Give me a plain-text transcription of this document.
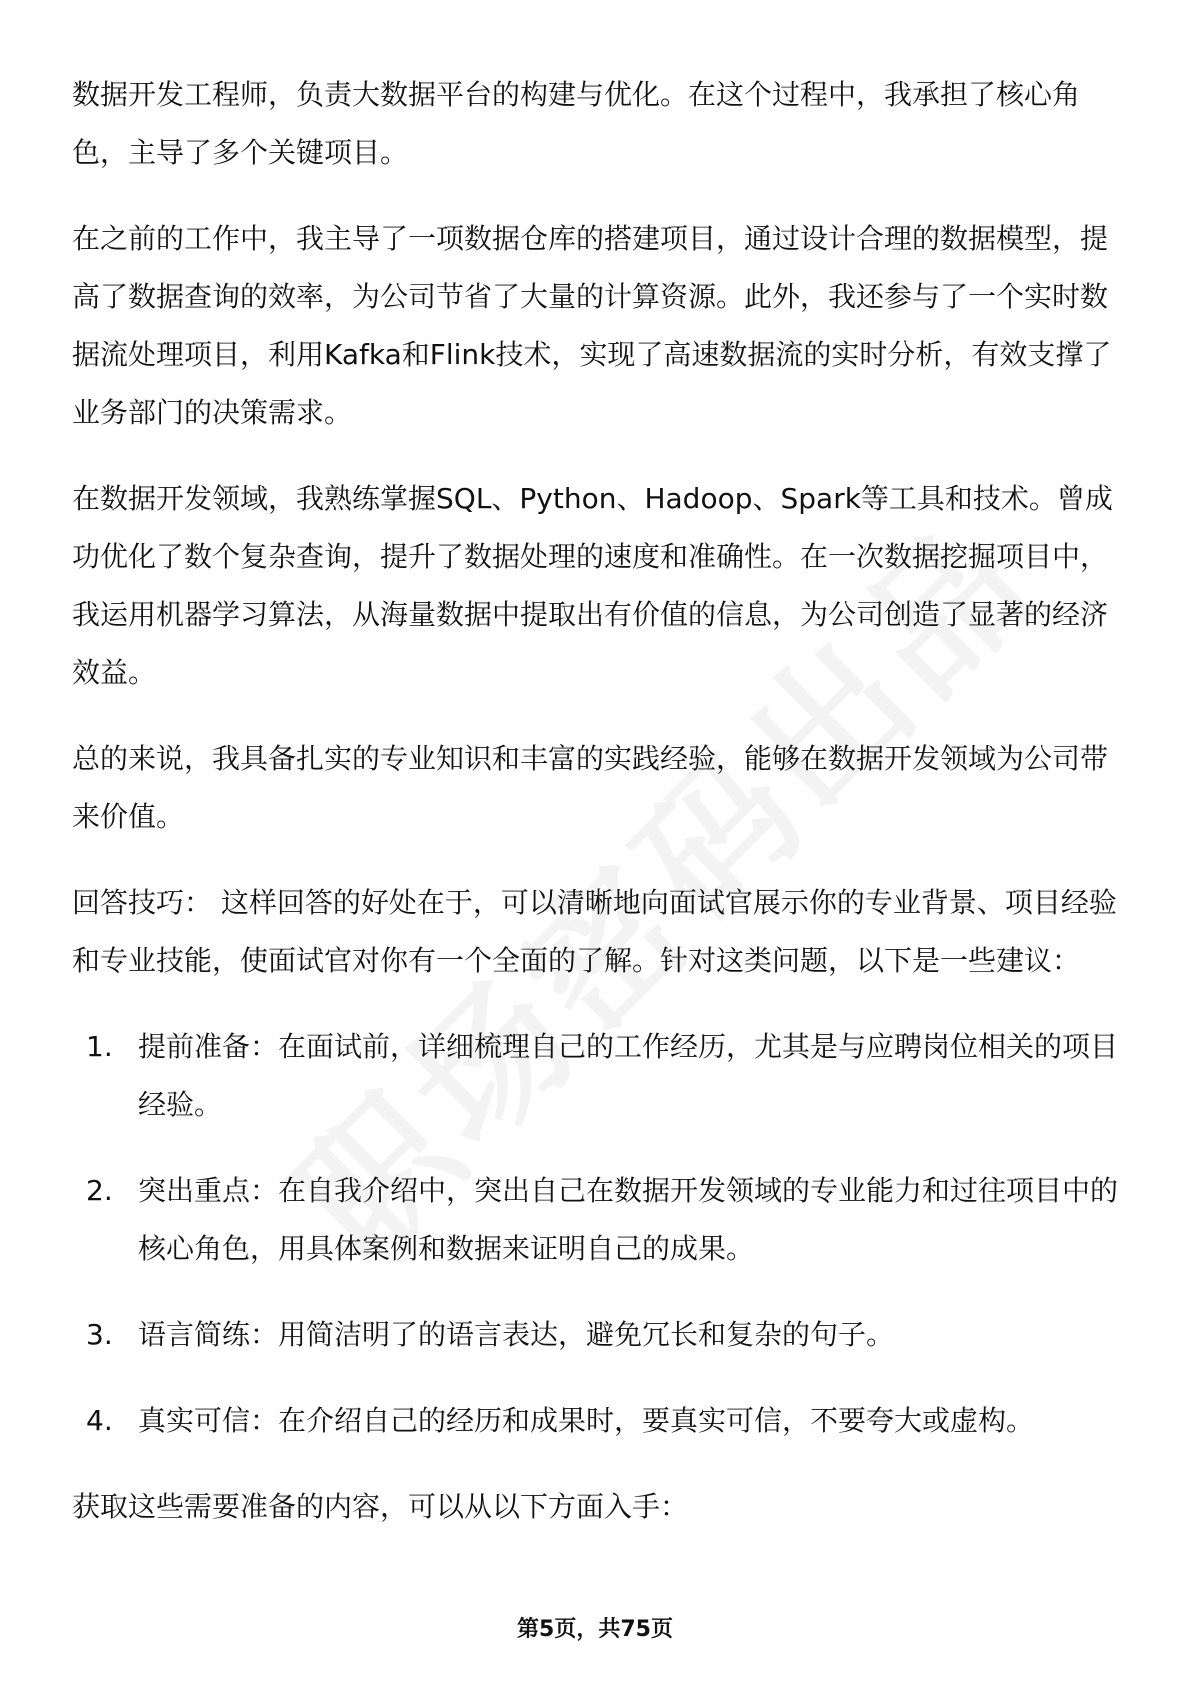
数据开发工程师，负责大数据平台的构建与优化。在这个过程中，我承担了核心角色，主导了多个关键项目。

在之前的工作中，我主导了一项数据仓库的搭建项目，通过设计合理的数据模型，提高了数据查询的效率，为公司节省了大量的计算资源。此外，我还参与了一个实时数据流处理项目，利用Kafka和Flink技术，实现了高速数据流的实时分析，有效支撑了业务部门的决策需求。

在数据开发领域，我熟练掌握SQL、Python、Hadoop、Spark等工具和技术。曾成功优化了数个复杂查询，提升了数据处理的速度和准确性。在一次数据挖掘项目中，我运用机器学习算法，从海量数据中提取出有价值的信息，为公司创造了显著的经济效益。

总的来说，我具备扎实的专业知识和丰富的实践经验，能够在数据开发领域为公司带来价值。

回答技巧： 这样回答的好处在于，可以清晰地向面试官展示你的专业背景、项目经验和专业技能，使面试官对你有一个全面的了解。针对这类问题，以下是一些建议：

1. 提前准备：在面试前，详细梳理自己的工作经历，尤其是与应聘岗位相关的项目经验。
2. 突出重点：在自我介绍中，突出自己在数据开发领域的专业能力和过往项目中的核心角色，用具体案例和数据来证明自己的成果。
3. 语言简练：用简洁明了的语言表达，避免冗长和复杂的句子。
4. 真实可信：在介绍自己的经历和成果时，要真实可信，不要夸大或虚构。

获取这些需要准备的内容，可以从以下方面入手：

第5页，共75页
